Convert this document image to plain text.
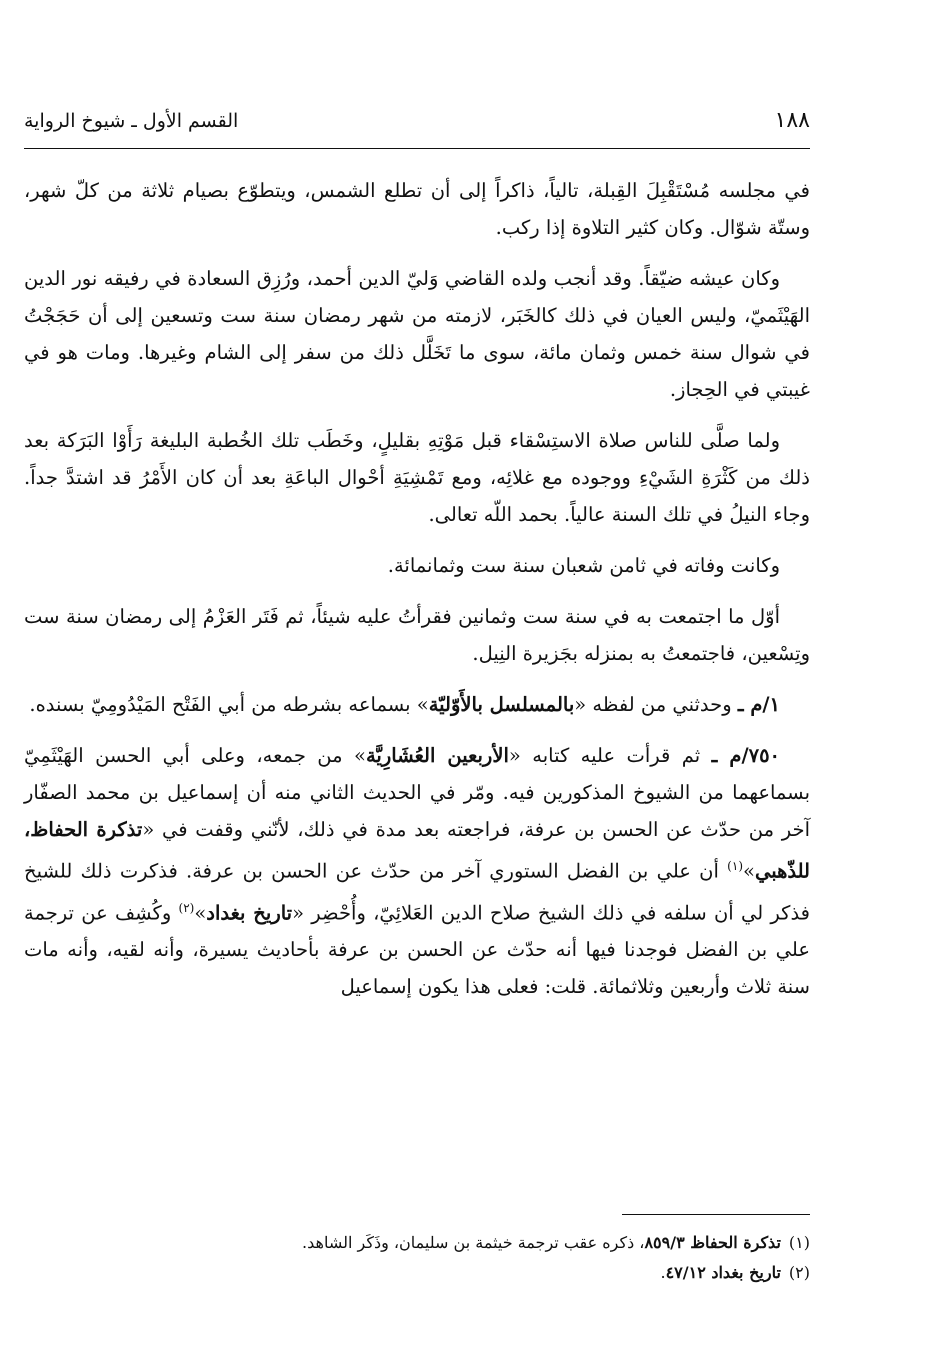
١٨٨
القسم الأول ـ شيوخ الرواية

في مجلسه مُسْتَقْبِلَ القِبلة، تالياً، ذاكراً إلى أن تطلع الشمس، ويتطوّع بصيام ثلاثة من كلّ شهر، وستّة شوّال. وكان كثير التلاوة إذا ركب.

وكان عيشه ضيّقاً. وقد أنجب ولده القاضي وَليّ الدين أحمد، ورُزِق السعادة في رفيقه نور الدين الهَيْثَميّ، وليس العيان في ذلك كالخَبَر، لازمته من شهر رمضان سنة ست وتسعين إلى أن حَجَجْتُ في شوال سنة خمس وثمان مائة، سوى ما تَخَلَّل ذلك من سفر إلى الشام وغيرها. ومات هو في غيبتي في الحِجاز.

ولما صلَّى للناس صلاة الاستِسْقاء قبل مَوْتِهِ بقليلٍ، وخَطَب تلك الخُطبة البليغة رَأَوْا البَرَكة بعد ذلك من كَثْرَةِ الشَيْءِ ووجوده مع غلائِه، ومع تَمْشِيَةِ أحْوال الباعَةِ بعد أن كان الأَمْرُ قد اشتدَّ جداً. وجاء النيلُ في تلك السنة عالياً. بحمد اللّه تعالى.

وكانت وفاته في ثامن شعبان سنة ست وثمانمائة.

أوّل ما اجتمعت به في سنة ست وثمانين فقرأتُ عليه شيئاً، ثم فَتَر العَزْمُ إلى رمضان سنة ست وتِسْعين، فاجتمعتُ به بمنزله بجَزيرة النِيل.

١/م ـ وحدثني من لفظه «بالمسلسل بالأَوّليّة» بسماعه بشرطه من أبي الفَتْح المَيْدُومِيّ بسنده.

٧٥٠/م ـ ثم قرأت عليه كتابه «الأربعين العُشَارِيَّة» من جمعه، وعلى أبي الحسن الهَيْثَمِيّ بسماعهما من الشيوخ المذكورين فيه. ومّر في الحديث الثاني منه أن إسماعيل بن محمد الصفّار آخر من حدّث عن الحسن بن عرفة، فراجعته بعد مدة في ذلك، لأنّني وقفت في «تذكرة الحفاظ، للذّهبي»$^{(١)}$ أن علي بن الفضل الستوري آخر من حدّث عن الحسن بن عرفة. فذكرت ذلك للشيخ فذكر لي أن سلفه في ذلك الشيخ صلاح الدين العَلائِيّ، وأُحْضِر «تاريخ بغداد»$^{(٢)}$ وكُشِف عن ترجمة علي بن الفضل فوجدنا فيها أنه حدّث عن الحسن بن عرفة بأحاديث يسيرة، وأنه لقيه، وأنه مات سنة ثلاث وأربعين وثلاثمائة. قلت: فعلى هذا يكون إسماعيل

(١)تذكرة الحفاظ ٨٥٩/٣، ذكره عقب ترجمة خيثمة بن سليمان، وذَكَر الشاهد.

(٢)تاريخ بغداد ٤٧/١٢.
